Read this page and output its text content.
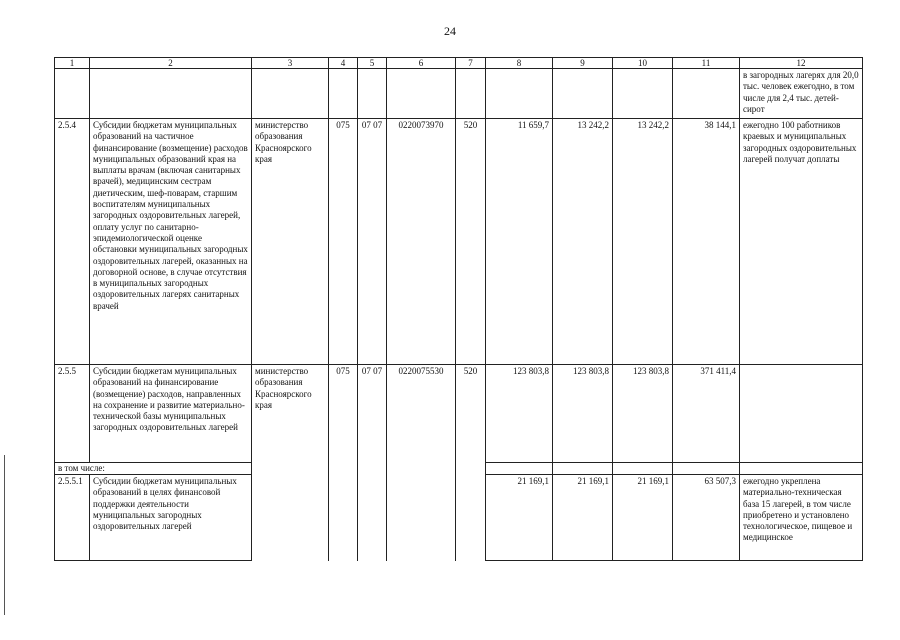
24
1	2	3	4	5	6	7	8	9	10	11	12
											в загородных лагерях для 20,0 тыс. человек ежегодно, в том числе для 2,4 тыс. детей-сирот
2.5.4	Субсидии бюджетам муниципальных образований на частичное финансирование (возмещение) расходов муниципальных образований края на выплаты врачам (включая санитарных врачей), медицинским сестрам диетическим, шеф-поварам, старшим воспитателям муниципальных загородных оздоровительных лагерей, оплату услуг по санитарно-эпидемиологической оценке обстановки муниципальных загородных оздоровительных лагерей, оказанных на договорной основе, в случае отсутствия в муниципальных загородных оздоровительных лагерях санитарных врачей	министерство образования Красноярского края	075	07 07	0220073970	520	11 659,7	13 242,2	13 242,2	38 144,1	ежегодно 100 работников краевых и муниципальных загородных оздоровительных лагерей получат доплаты
2.5.5	Субсидии бюджетам муниципальных образований на финансирование (возмещение) расходов, направленных на сохранение и развитие материально-технической базы муниципальных загородных оздоровительных лагерей	министерство образования Красноярского края	075	07 07	0220075530	520	123 803,8	123 803,8	123 803,8	371 411,4	
в том числе:											
2.5.5.1	Субсидии бюджетам муниципальных образований в целях финансовой поддержки деятельности муниципальных загородных оздоровительных лагерей						21 169,1	21 169,1	21 169,1	63 507,3	ежегодно укреплена материально-техническая база 15 лагерей, в том числе приобретено и установлено технологическое, пищевое и медицинское
